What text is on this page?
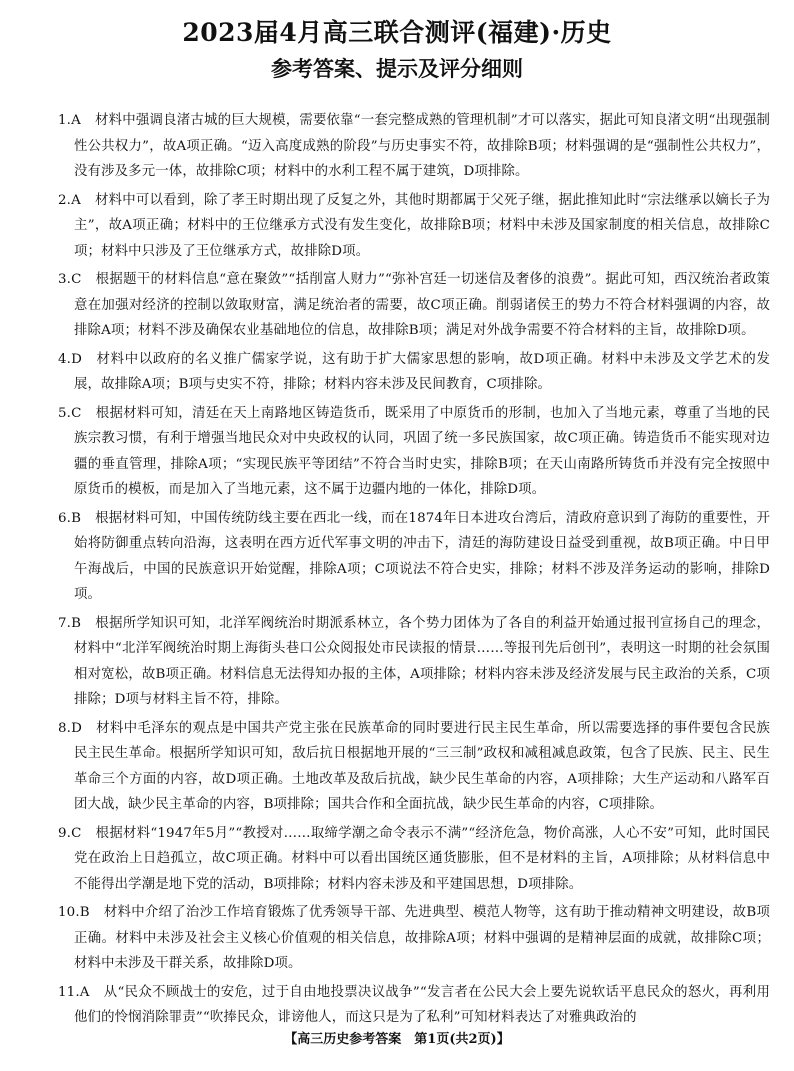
2023届4月高三联合测评(福建)·历史
参考答案、提示及评分细则

1.A 材料中强调良渚古城的巨大规模，需要依靠“一套完整成熟的管理机制”才可以落实，据此可知良渚文明“出现强制性公共权力”，故A项正确。“迈入高度成熟的阶段”与历史事实不符，故排除B项；材料强调的是“强制性公共权力”，没有涉及多元一体，故排除C项；材料中的水利工程不属于建筑，D项排除。

2.A 材料中可以看到，除了孝王时期出现了反复之外，其他时期都属于父死子继，据此推知此时“宗法继承以嫡长子为主”，故A项正确；材料中的王位继承方式没有发生变化，故排除B项；材料中未涉及国家制度的相关信息，故排除C项；材料中只涉及了王位继承方式，故排除D项。

3.C 根据题干的材料信息“意在聚敛”“括削富人财力”“弥补宫廷一切迷信及奢侈的浪费”。据此可知，西汉统治者政策意在加强对经济的控制以敛取财富，满足统治者的需要，故C项正确。削弱诸侯王的势力不符合材料强调的内容，故排除A项；材料不涉及确保农业基础地位的信息，故排除B项；满足对外战争需要不符合材料的主旨，故排除D项。

4.D 材料中以政府的名义推广儒家学说，这有助于扩大儒家思想的影响，故D项正确。材料中未涉及文学艺术的发展，故排除A项；B项与史实不符，排除；材料内容未涉及民间教育，C项排除。

5.C 根据材料可知，清廷在天上南路地区铸造货币，既采用了中原货币的形制，也加入了当地元素，尊重了当地的民族宗教习惯，有利于增强当地民众对中央政权的认同，巩固了统一多民族国家，故C项正确。铸造货币不能实现对边疆的垂直管理，排除A项；“实现民族平等团结”不符合当时史实，排除B项；在天山南路所铸货币并没有完全按照中原货币的模板，而是加入了当地元素，这不属于边疆内地的一体化，排除D项。

6.B 根据材料可知，中国传统防线主要在西北一线，而在1874年日本进攻台湾后，清政府意识到了海防的重要性，开始将防御重点转向沿海，这表明在西方近代军事文明的冲击下，清廷的海防建设日益受到重视，故B项正确。中日甲午海战后，中国的民族意识开始觉醒，排除A项；C项说法不符合史实，排除；材料不涉及洋务运动的影响，排除D项。

7.B 根据所学知识可知，北洋军阀统治时期派系林立，各个势力团体为了各自的利益开始通过报刊宣扬自己的理念，材料中“北洋军阀统治时期上海街头巷口公众阅报处市民读报的情景……等报刊先后创刊”，表明这一时期的社会氛围相对宽松，故B项正确。材料信息无法得知办报的主体，A项排除；材料内容未涉及经济发展与民主政治的关系，C项排除；D项与材料主旨不符，排除。

8.D 材料中毛泽东的观点是中国共产党主张在民族革命的同时要进行民主民生革命，所以需要选择的事件要包含民族民主民生革命。根据所学知识可知，敌后抗日根据地开展的“三三制”政权和减租减息政策，包含了民族、民主、民生革命三个方面的内容，故D项正确。土地改革及敌后抗战，缺少民生革命的内容，A项排除；大生产运动和八路军百团大战，缺少民主革命的内容，B项排除；国共合作和全面抗战，缺少民生革命的内容，C项排除。

9.C 根据材料“1947年5月”“教授对……取缔学潮之命令表示不满”“经济危急，物价高涨，人心不安”可知，此时国民党在政治上日趋孤立，故C项正确。材料中可以看出国统区通货膨胀，但不是材料的主旨，A项排除；从材料信息中不能得出学潮是地下党的活动，B项排除；材料内容未涉及和平建国思想，D项排除。

10.B 材料中介绍了治沙工作培育锻炼了优秀领导干部、先进典型、模范人物等，这有助于推动精神文明建设，故B项正确。材料中未涉及社会主义核心价值观的相关信息，故排除A项；材料中强调的是精神层面的成就，故排除C项；材料中未涉及干群关系，故排除D项。

11.A 从“民众不顾战士的安危，过于自由地投票决议战争”“发言者在公民大会上要先说软话平息民众的怒火，再利用他们的怜悯消除罪责”“吹捧民众，诽谤他人，而这只是为了私利”可知材料表达了对雅典政治的

【高三历史参考答案　第1页(共2页)】
